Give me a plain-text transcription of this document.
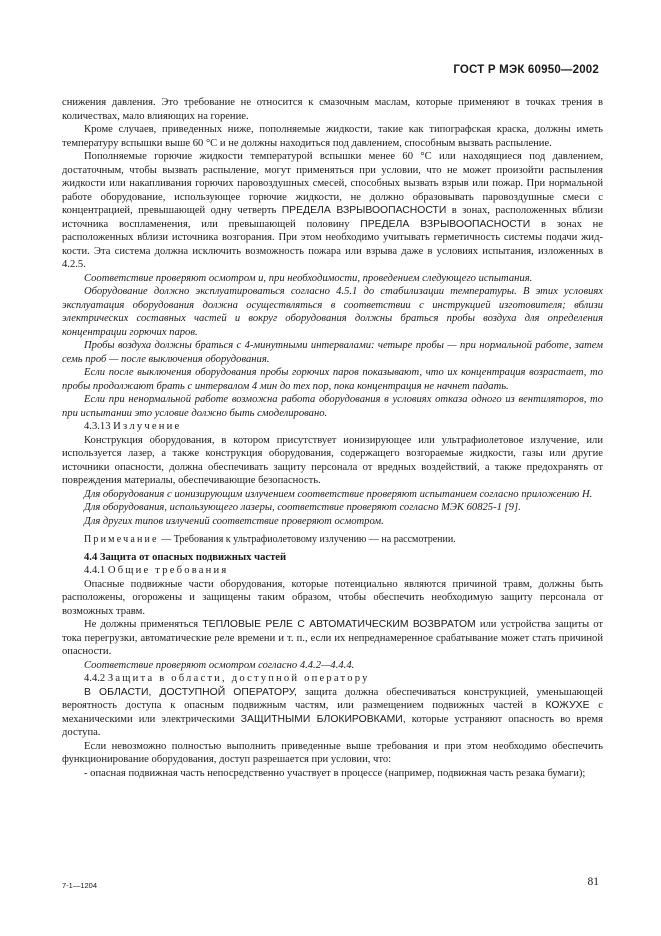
ГОСТ Р МЭК 60950—2002

снижения давления. Это требование не относится к смазочным маслам, которые применяют в точках трения в количествах, мало влияющих на горение.

Кроме случаев, приведенных ниже, пополняемые жидкости, такие как типографская краска, должны иметь температуру вспышки выше 60 °С и не должны находиться под давлением, способным вызвать распыление.

Пополняемые горючие жидкости температурой вспышки менее 60 °С или находящиеся под давлением, достаточным, чтобы вызвать распыление, могут применяться при условии, что не может произойти распыления жидкости или накапливания горючих паровоздушных смесей, способных вызвать взрыв или пожар. При нормальной работе оборудование, использующее горючие жидкости, не должно образовывать паровоздушные смеси с концентрацией, превышающей одну четверть ПРЕДЕЛА ВЗРЫВООПАСНОСТИ в зонах, расположенных вблизи источника воспламенения, или превышающей половину ПРЕДЕЛА ВЗРЫВООПАСНОСТИ в зонах не расположенных вблизи источника возгорания. При этом необходимо учитывать герметичность системы подачи жидкости. Эта система должна исключить возможность пожара или взрыва даже в условиях испытания, изложенных в 4.2.5.

Соответствие проверяют осмотром и, при необходимости, проведением следующего испытания.

Оборудование должно эксплуатироваться согласно 4.5.1 до стабилизации температуры. В этих условиях эксплуатация оборудования должна осуществляться в соответствии с инструкцией изготовителя; вблизи электрических составных частей и вокруг оборудования должны браться пробы воздуха для определения концентрации горючих паров.

Пробы воздуха должны браться с 4-минутными интервалами: четыре пробы — при нормальной работе, затем семь проб — после выключения оборудования.

Если после выключения оборудования пробы горючих паров показывают, что их концентрация возрастает, то пробы продолжают брать с интервалом 4 мин до тех пор, пока концентрация не начнет падать.

Если при ненормальной работе возможна работа оборудования в условиях отказа одного из вентиляторов, то при испытании это условие должно быть смоделировано.

4.3.13 Излучение

Конструкция оборудования, в котором присутствует ионизирующее или ультрафиолетовое излучение, или используется лазер, а также конструкция оборудования, содержащего возгораемые жидкости, газы или другие источники опасности, должна обеспечивать защиту персонала от вредных воздействий, а также предохранять от повреждения материалы, обеспечивающие безопасность.

Для оборудования с ионизирующим излучением соответствие проверяют испытанием согласно приложению Н.

Для оборудования, использующего лазеры, соответствие проверяют согласно МЭК 60825-1 [9].

Для других типов излучений соответствие проверяют осмотром.

Примечание — Требования к ультрафиолетовому излучению — на рассмотрении.

4.4 Защита от опасных подвижных частей

4.4.1 Общие требования

Опасные подвижные части оборудования, которые потенциально являются причиной травм, должны быть расположены, огорожены и защищены таким образом, чтобы обеспечить необходимую защиту персонала от возможных травм.

Не должны применяться ТЕПЛОВЫЕ РЕЛЕ С АВТОМАТИЧЕСКИМ ВОЗВРАТОМ или устройства защиты от тока перегрузки, автоматические реле времени и т. п., если их непреднамеренное срабатывание может стать причиной опасности.

Соответствие проверяют осмотром согласно 4.4.2—4.4.4.

4.4.2 Защита в области, доступной оператору

В ОБЛАСТИ, ДОСТУПНОЙ ОПЕРАТОРУ, защита должна обеспечиваться конструкцией, уменьшающей вероятность доступа к опасным подвижным частям, или размещением подвижных частей в КОЖУХЕ с механическими или электрическими ЗАЩИТНЫМИ БЛОКИРОВКАМИ, которые устраняют опасность во время доступа.

Если невозможно полностью выполнить приведенные выше требования и при этом необходимо обеспечить функционирование оборудования, доступ разрешается при условии, что:

- опасная подвижная часть непосредственно участвует в процессе (например, подвижная часть резака бумаги);

7-1—1204	81
